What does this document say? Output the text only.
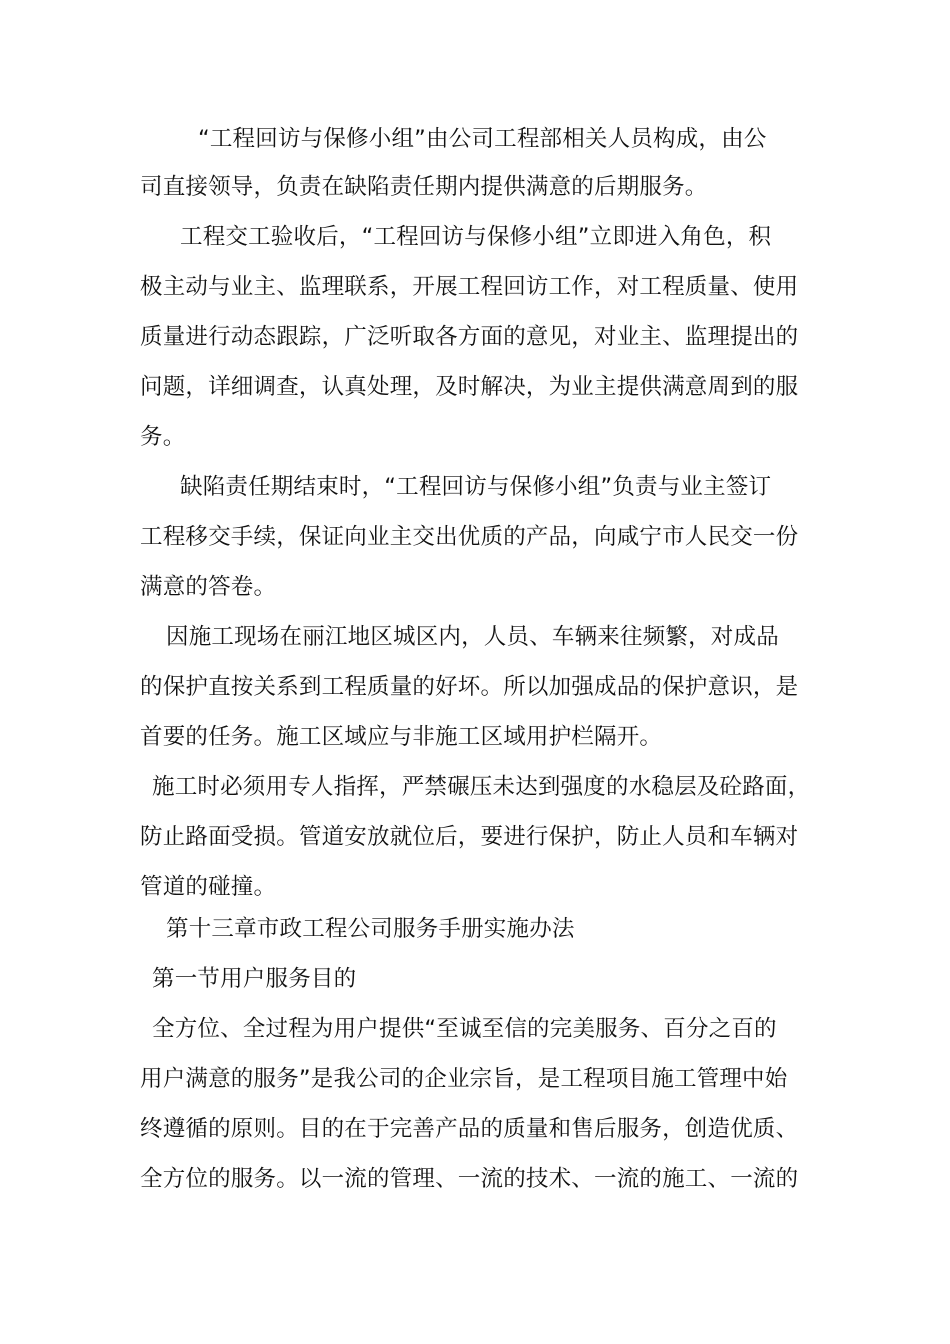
“工程回访与保修小组”由公司工程部相关人员构成，由公
司直接领导，负责在缺陷责任期内提供满意的后期服务。
工程交工验收后，“工程回访与保修小组”立即进入角色，积
极主动与业主、监理联系，开展工程回访工作，对工程质量、使用
质量进行动态跟踪，广泛听取各方面的意见，对业主、监理提出的
问题，详细调查，认真处理，及时解决，为业主提供满意周到的服
务。
缺陷责任期结束时，“工程回访与保修小组”负责与业主签订
工程移交手续，保证向业主交出优质的产品，向咸宁市人民交一份
满意的答卷。
因施工现场在丽江地区城区内，人员、车辆来往频繁，对成品
的保护直按关系到工程质量的好坏。所以加强成品的保护意识，是
首要的任务。施工区域应与非施工区域用护栏隔开。
施工时必须用专人指挥，严禁碾压未达到强度的水稳层及砼路面，
防止路面受损。管道安放就位后，要进行保护，防止人员和车辆对
管道的碰撞。
第十三章市政工程公司服务手册实施办法
第一节用户服务目的
全方位、全过程为用户提供“至诚至信的完美服务、百分之百的
用户满意的服务”是我公司的企业宗旨，是工程项目施工管理中始
终遵循的原则。目的在于完善产品的质量和售后服务，创造优质、
全方位的服务。以一流的管理、一流的技术、一流的施工、一流的
